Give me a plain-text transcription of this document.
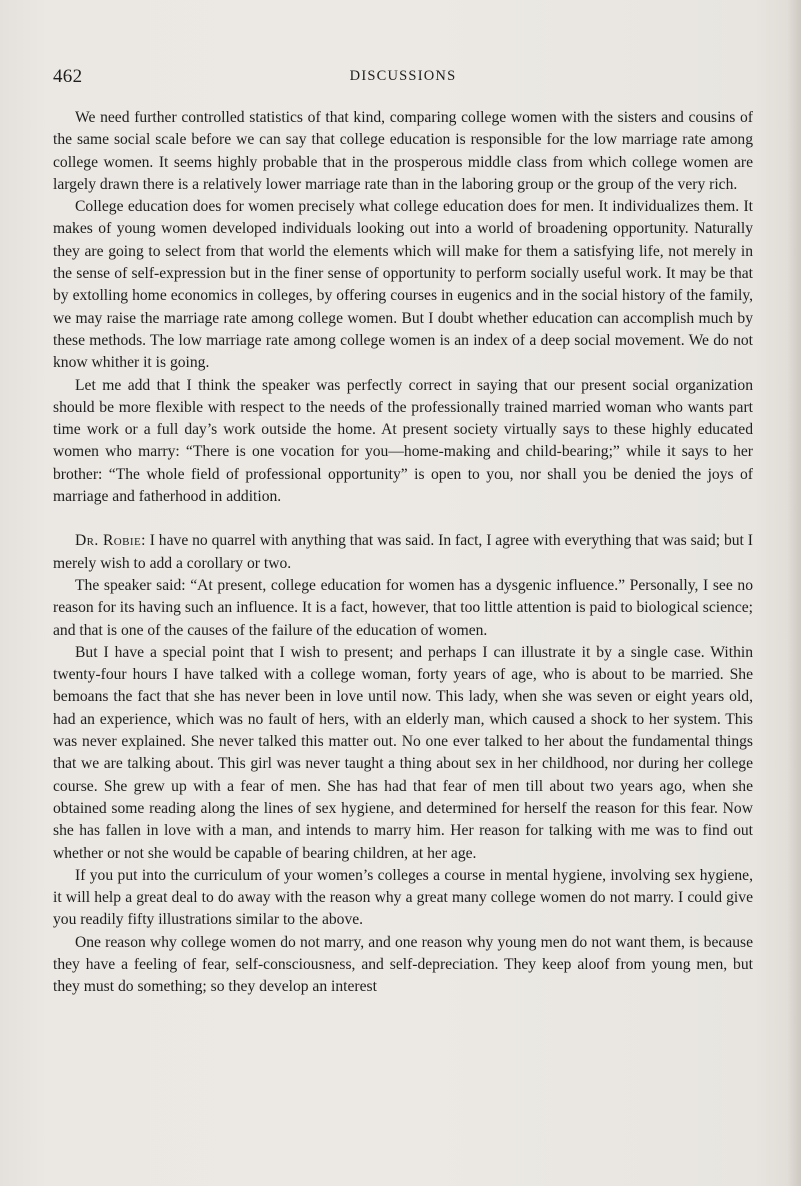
462	DISCUSSIONS

We need further controlled statistics of that kind, comparing college women with the sisters and cousins of the same social scale before we can say that college education is responsible for the low marriage rate among college women. It seems highly probable that in the prosperous middle class from which college women are largely drawn there is a relatively lower marriage rate than in the laboring group or the group of the very rich.

College education does for women precisely what college education does for men. It individualizes them. It makes of young women developed individuals looking out into a world of broadening opportunity. Naturally they are going to select from that world the elements which will make for them a satisfying life, not merely in the sense of self-expression but in the finer sense of opportunity to perform socially useful work. It may be that by extolling home economics in colleges, by offering courses in eugenics and in the social history of the family, we may raise the marriage rate among college women. But I doubt whether education can accomplish much by these methods. The low marriage rate among college women is an index of a deep social movement. We do not know whither it is going.

Let me add that I think the speaker was perfectly correct in saying that our present social organization should be more flexible with respect to the needs of the professionally trained married woman who wants part time work or a full day’s work outside the home. At present society virtually says to these highly educated women who marry: “There is one vocation for you—home-making and child-bearing;” while it says to her brother: “The whole field of professional opportunity” is open to you, nor shall you be denied the joys of marriage and fatherhood in addition.

Dr. Robie: I have no quarrel with anything that was said. In fact, I agree with everything that was said; but I merely wish to add a corollary or two.

The speaker said: “At present, college education for women has a dysgenic influence.” Personally, I see no reason for its having such an influence. It is a fact, however, that too little attention is paid to biological science; and that is one of the causes of the failure of the education of women.

But I have a special point that I wish to present; and perhaps I can illustrate it by a single case. Within twenty-four hours I have talked with a college woman, forty years of age, who is about to be married. She bemoans the fact that she has never been in love until now. This lady, when she was seven or eight years old, had an experience, which was no fault of hers, with an elderly man, which caused a shock to her system. This was never explained. She never talked this matter out. No one ever talked to her about the fundamental things that we are talking about. This girl was never taught a thing about sex in her childhood, nor during her college course. She grew up with a fear of men. She has had that fear of men till about two years ago, when she obtained some reading along the lines of sex hygiene, and determined for herself the reason for this fear. Now she has fallen in love with a man, and intends to marry him. Her reason for talking with me was to find out whether or not she would be capable of bearing children, at her age.

If you put into the curriculum of your women’s colleges a course in mental hygiene, involving sex hygiene, it will help a great deal to do away with the reason why a great many college women do not marry. I could give you readily fifty illustrations similar to the above.

One reason why college women do not marry, and one reason why young men do not want them, is because they have a feeling of fear, self-consciousness, and self-depreciation. They keep aloof from young men, but they must do something; so they develop an interest
